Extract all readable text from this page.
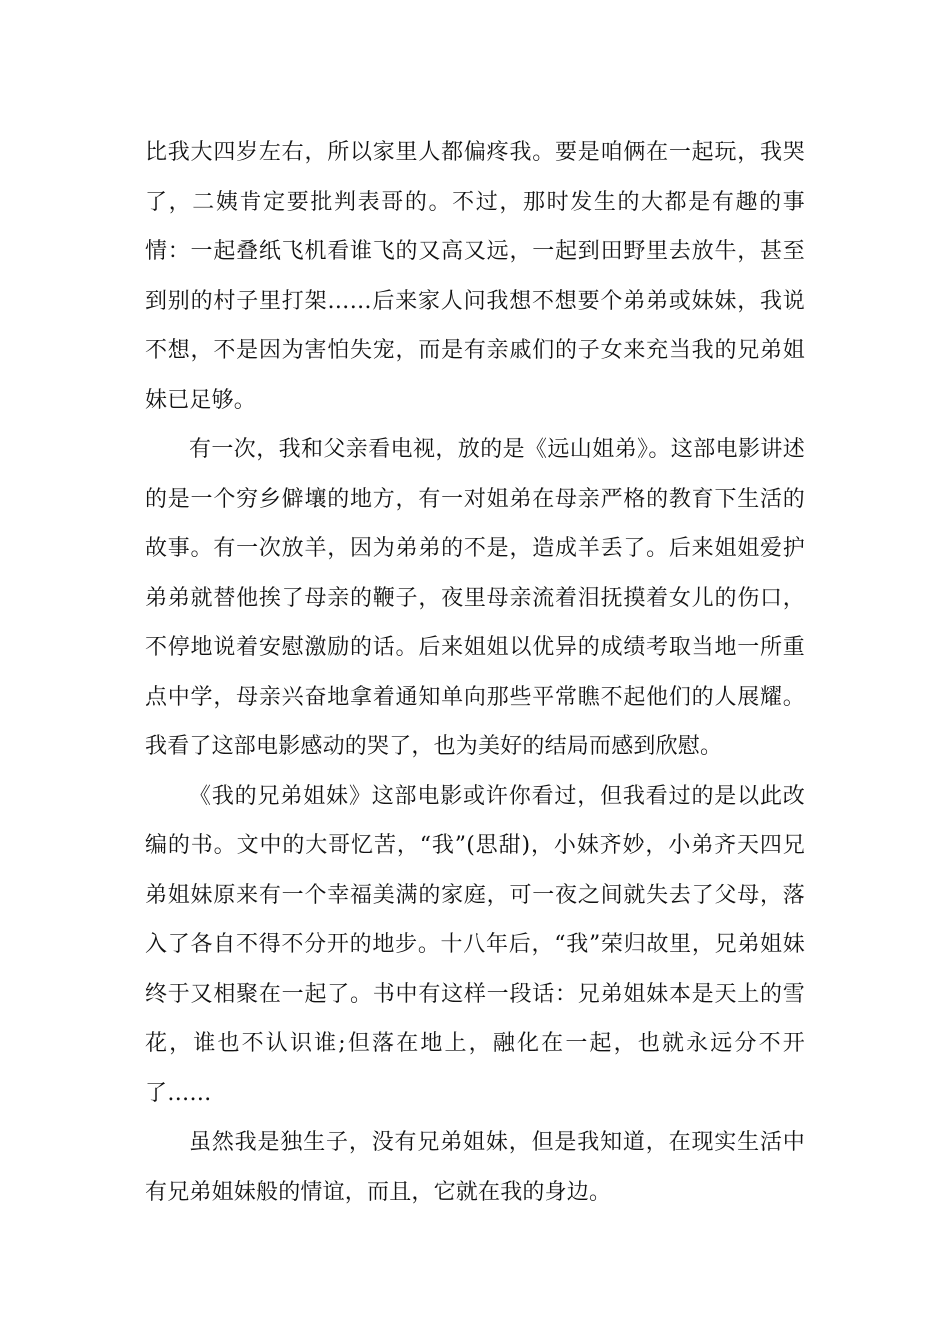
比我大四岁左右，所以家里人都偏疼我。要是咱俩在一起玩，我哭了，二姨肯定要批判表哥的。不过，那时发生的大都是有趣的事情：一起叠纸飞机看谁飞的又高又远，一起到田野里去放牛，甚至到别的村子里打架……后来家人问我想不想要个弟弟或妹妹，我说不想，不是因为害怕失宠，而是有亲戚们的子女来充当我的兄弟姐妹已足够。

有一次，我和父亲看电视，放的是《远山姐弟》。这部电影讲述的是一个穷乡僻壤的地方，有一对姐弟在母亲严格的教育下生活的故事。有一次放羊，因为弟弟的不是，造成羊丢了。后来姐姐爱护弟弟就替他挨了母亲的鞭子，夜里母亲流着泪抚摸着女儿的伤口，不停地说着安慰激励的话。后来姐姐以优异的成绩考取当地一所重点中学，母亲兴奋地拿着通知单向那些平常瞧不起他们的人展耀。我看了这部电影感动的哭了，也为美好的结局而感到欣慰。

《我的兄弟姐妹》这部电影或许你看过，但我看过的是以此改编的书。文中的大哥忆苦，“我”(思甜)，小妹齐妙，小弟齐天四兄弟姐妹原来有一个幸福美满的家庭，可一夜之间就失去了父母，落入了各自不得不分开的地步。十八年后，“我”荣归故里，兄弟姐妹终于又相聚在一起了。书中有这样一段话：兄弟姐妹本是天上的雪花，谁也不认识谁;但落在地上，融化在一起，也就永远分不开了……

虽然我是独生子，没有兄弟姐妹，但是我知道，在现实生活中有兄弟姐妹般的情谊，而且，它就在我的身边。
